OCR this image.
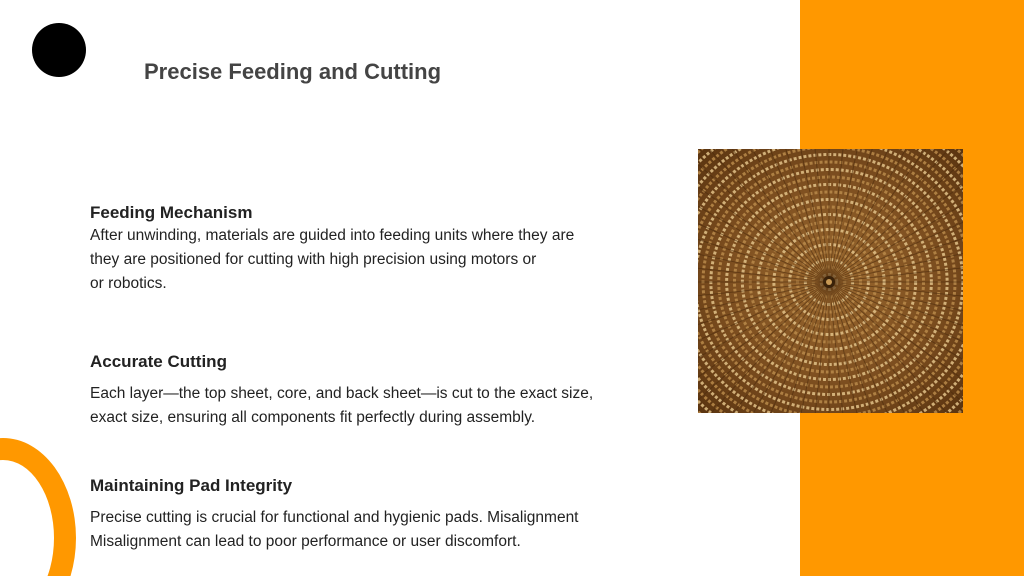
Precise Feeding and Cutting
Feeding Mechanism

After unwinding, materials are guided into feeding units where they are
they are positioned for cutting with high precision using motors or
or robotics.

Accurate Cutting

Each layer—the top sheet, core, and back sheet—is cut to the exact size,
exact size, ensuring all components fit perfectly during assembly.

Maintaining Pad Integrity

Precise cutting is crucial for functional and hygienic pads. Misalignment
Misalignment can lead to poor performance or user discomfort.
